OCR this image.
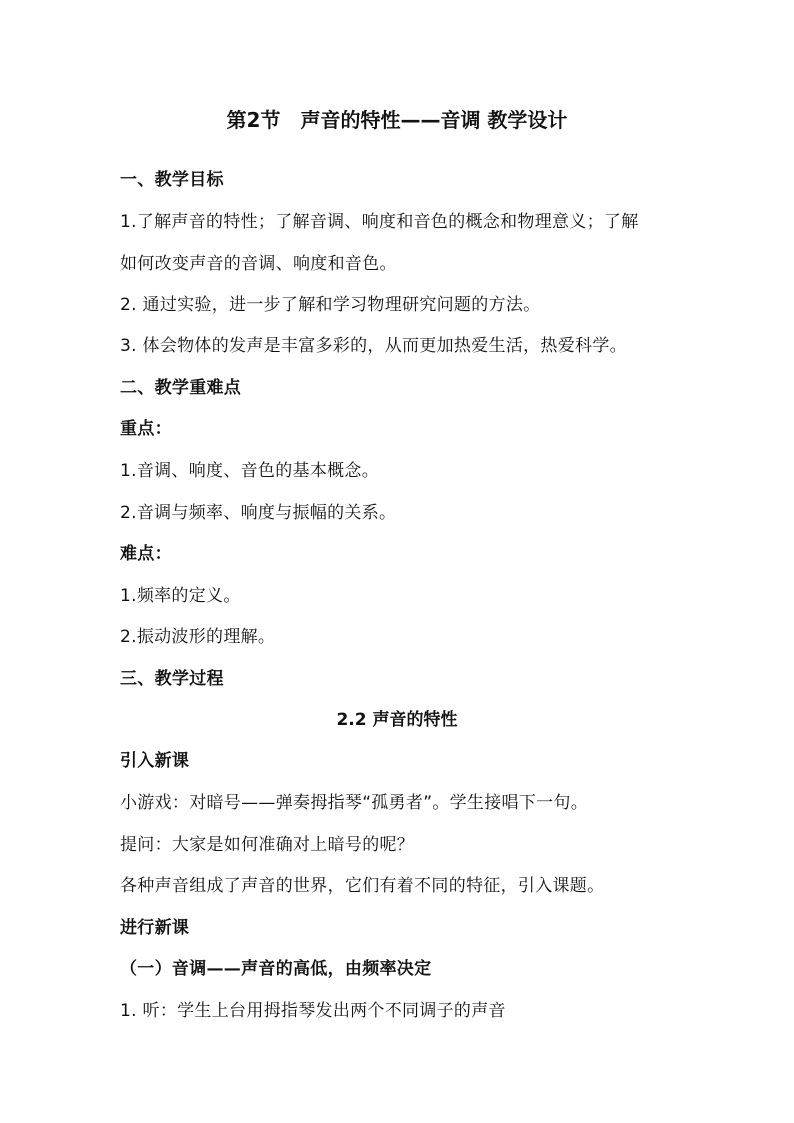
第2节　声音的特性——音调 教学设计
一、教学目标
1.了解声音的特性；了解音调、响度和音色的概念和物理意义；了解
如何改变声音的音调、响度和音色。
2. 通过实验，进一步了解和学习物理研究问题的方法。
3. 体会物体的发声是丰富多彩的，从而更加热爱生活，热爱科学。
二、教学重难点
重点：
1.音调、响度、音色的基本概念。
2.音调与频率、响度与振幅的关系。
难点：
1.频率的定义。
2.振动波形的理解。
三、教学过程
2.2 声音的特性
引入新课
小游戏：对暗号——弹奏拇指琴“孤勇者”。学生接唱下一句。
提问：大家是如何准确对上暗号的呢？
各种声音组成了声音的世界，它们有着不同的特征，引入课题。
进行新课
（一）音调——声音的高低，由频率决定
1. 听：学生上台用拇指琴发出两个不同调子的声音
